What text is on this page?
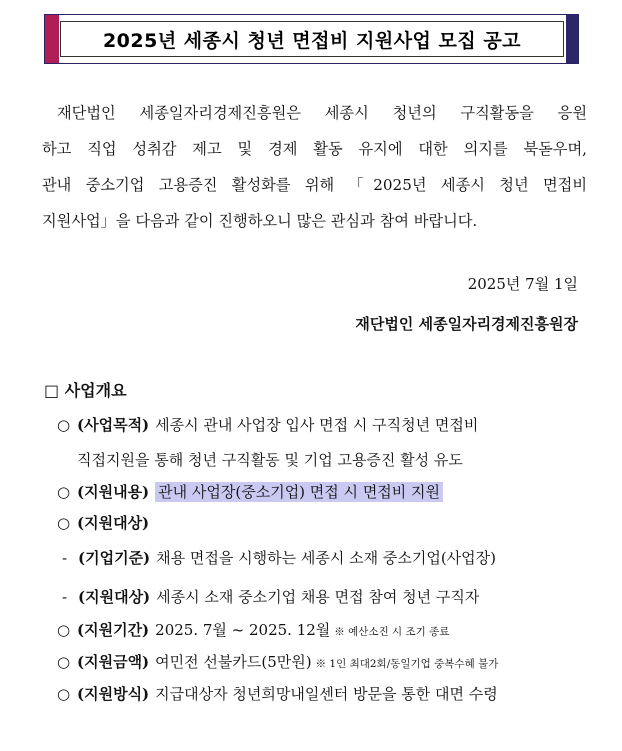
2025년 세종시 청년 면접비 지원사업 모집 공고
재단법인 세종일자리경제진흥원은 세종시 청년의 구직활동을 응원
하고 직업 성취감 제고 및 경제 활동 유지에 대한 의지를 북돋우며,
관내 중소기업 고용증진 활성화를 위해 「2025년 세종시 청년 면접비
지원사업」을 다음과 같이 진행하오니 많은 관심과 참여 바랍니다.
2025년 7월 1일
재단법인 세종일자리경제진흥원장
□ 사업개요
○ (사업목적) 세종시 관내 사업장 입사 면접 시 구직청년 면접비
직접지원을 통해 청년 구직활동 및 기업 고용증진 활성 유도
○ (지원내용) 관내 사업장(중소기업) 면접 시 면접비 지원
○ (지원대상)
- (기업기준) 채용 면접을 시행하는 세종시 소재 중소기업(사업장)
- (지원대상) 세종시 소재 중소기업 채용 면접 참여 청년 구직자
○ (지원기간) 2025. 7월 ~ 2025. 12월 ※ 예산소진 시 조기 종료
○ (지원금액) 여민전 선불카드(5만원) ※ 1인 최대2회/동일기업 중복수혜 불가
○ (지원방식) 지급대상자 청년희망내일센터 방문을 통한 대면 수령
